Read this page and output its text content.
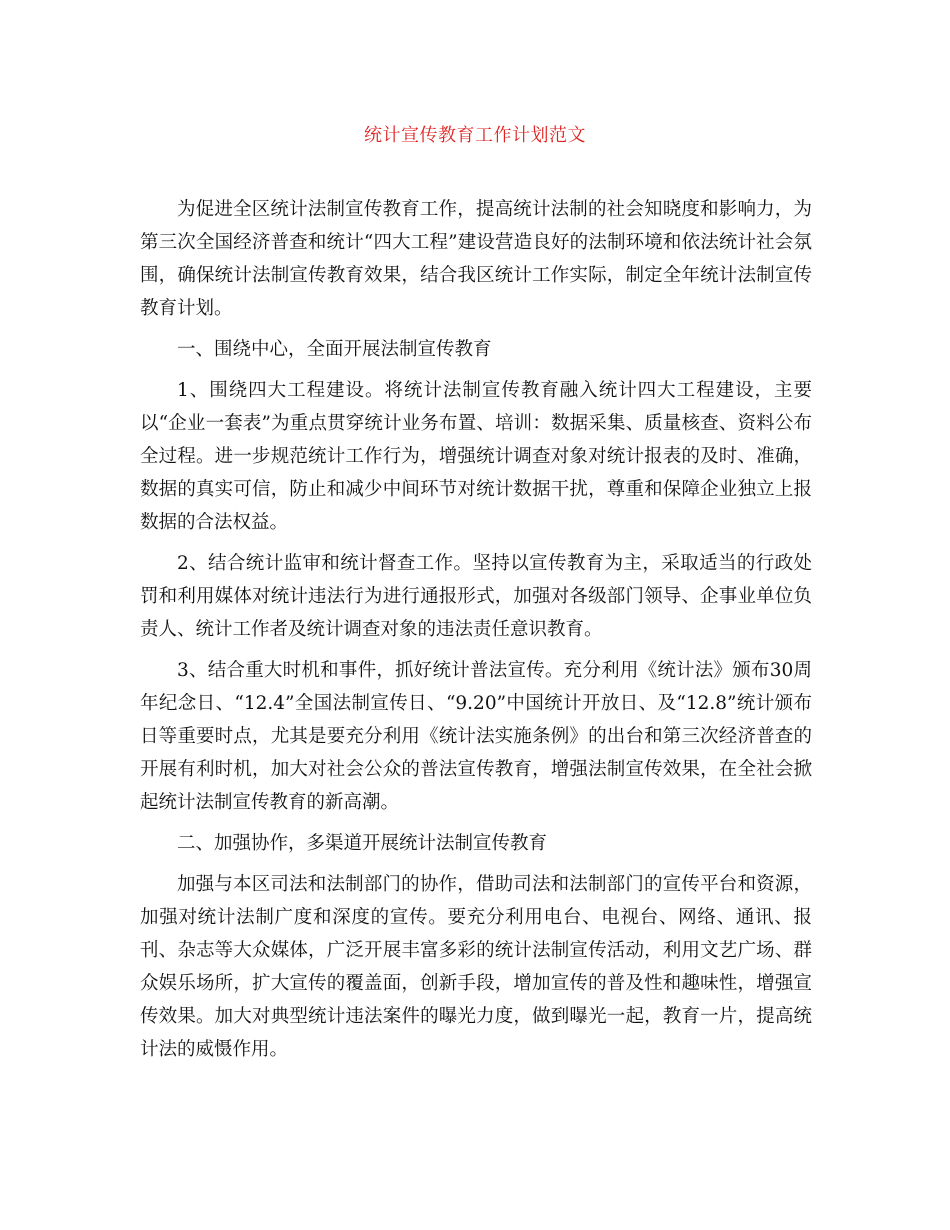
统计宣传教育工作计划范文

为促进全区统计法制宣传教育工作，提高统计法制的社会知晓度和影响力，为第三次全国经济普查和统计“四大工程”建设营造良好的法制环境和依法统计社会氛围，确保统计法制宣传教育效果，结合我区统计工作实际，制定全年统计法制宣传教育计划。

一、围绕中心，全面开展法制宣传教育

1、围绕四大工程建设。将统计法制宣传教育融入统计四大工程建设，主要以“企业一套表”为重点贯穿统计业务布置、培训：数据采集、质量核查、资料公布全过程。进一步规范统计工作行为，增强统计调查对象对统计报表的及时、准确，数据的真实可信，防止和减少中间环节对统计数据干扰，尊重和保障企业独立上报数据的合法权益。

2、结合统计监审和统计督查工作。坚持以宣传教育为主，采取适当的行政处罚和利用媒体对统计违法行为进行通报形式，加强对各级部门领导、企事业单位负责人、统计工作者及统计调查对象的违法责任意识教育。

3、结合重大时机和事件，抓好统计普法宣传。充分利用《统计法》颁布30周年纪念日、“12.4”全国法制宣传日、“9.20”中国统计开放日、及“12.8”统计颁布日等重要时点，尤其是要充分利用《统计法实施条例》的出台和第三次经济普查的开展有利时机，加大对社会公众的普法宣传教育，增强法制宣传效果，在全社会掀起统计法制宣传教育的新高潮。

二、加强协作，多渠道开展统计法制宣传教育

加强与本区司法和法制部门的协作，借助司法和法制部门的宣传平台和资源，加强对统计法制广度和深度的宣传。要充分利用电台、电视台、网络、通讯、报刊、杂志等大众媒体，广泛开展丰富多彩的统计法制宣传活动，利用文艺广场、群众娱乐场所，扩大宣传的覆盖面，创新手段，增加宣传的普及性和趣味性，增强宣传效果。加大对典型统计违法案件的曝光力度，做到曝光一起，教育一片，提高统计法的威慑作用。
